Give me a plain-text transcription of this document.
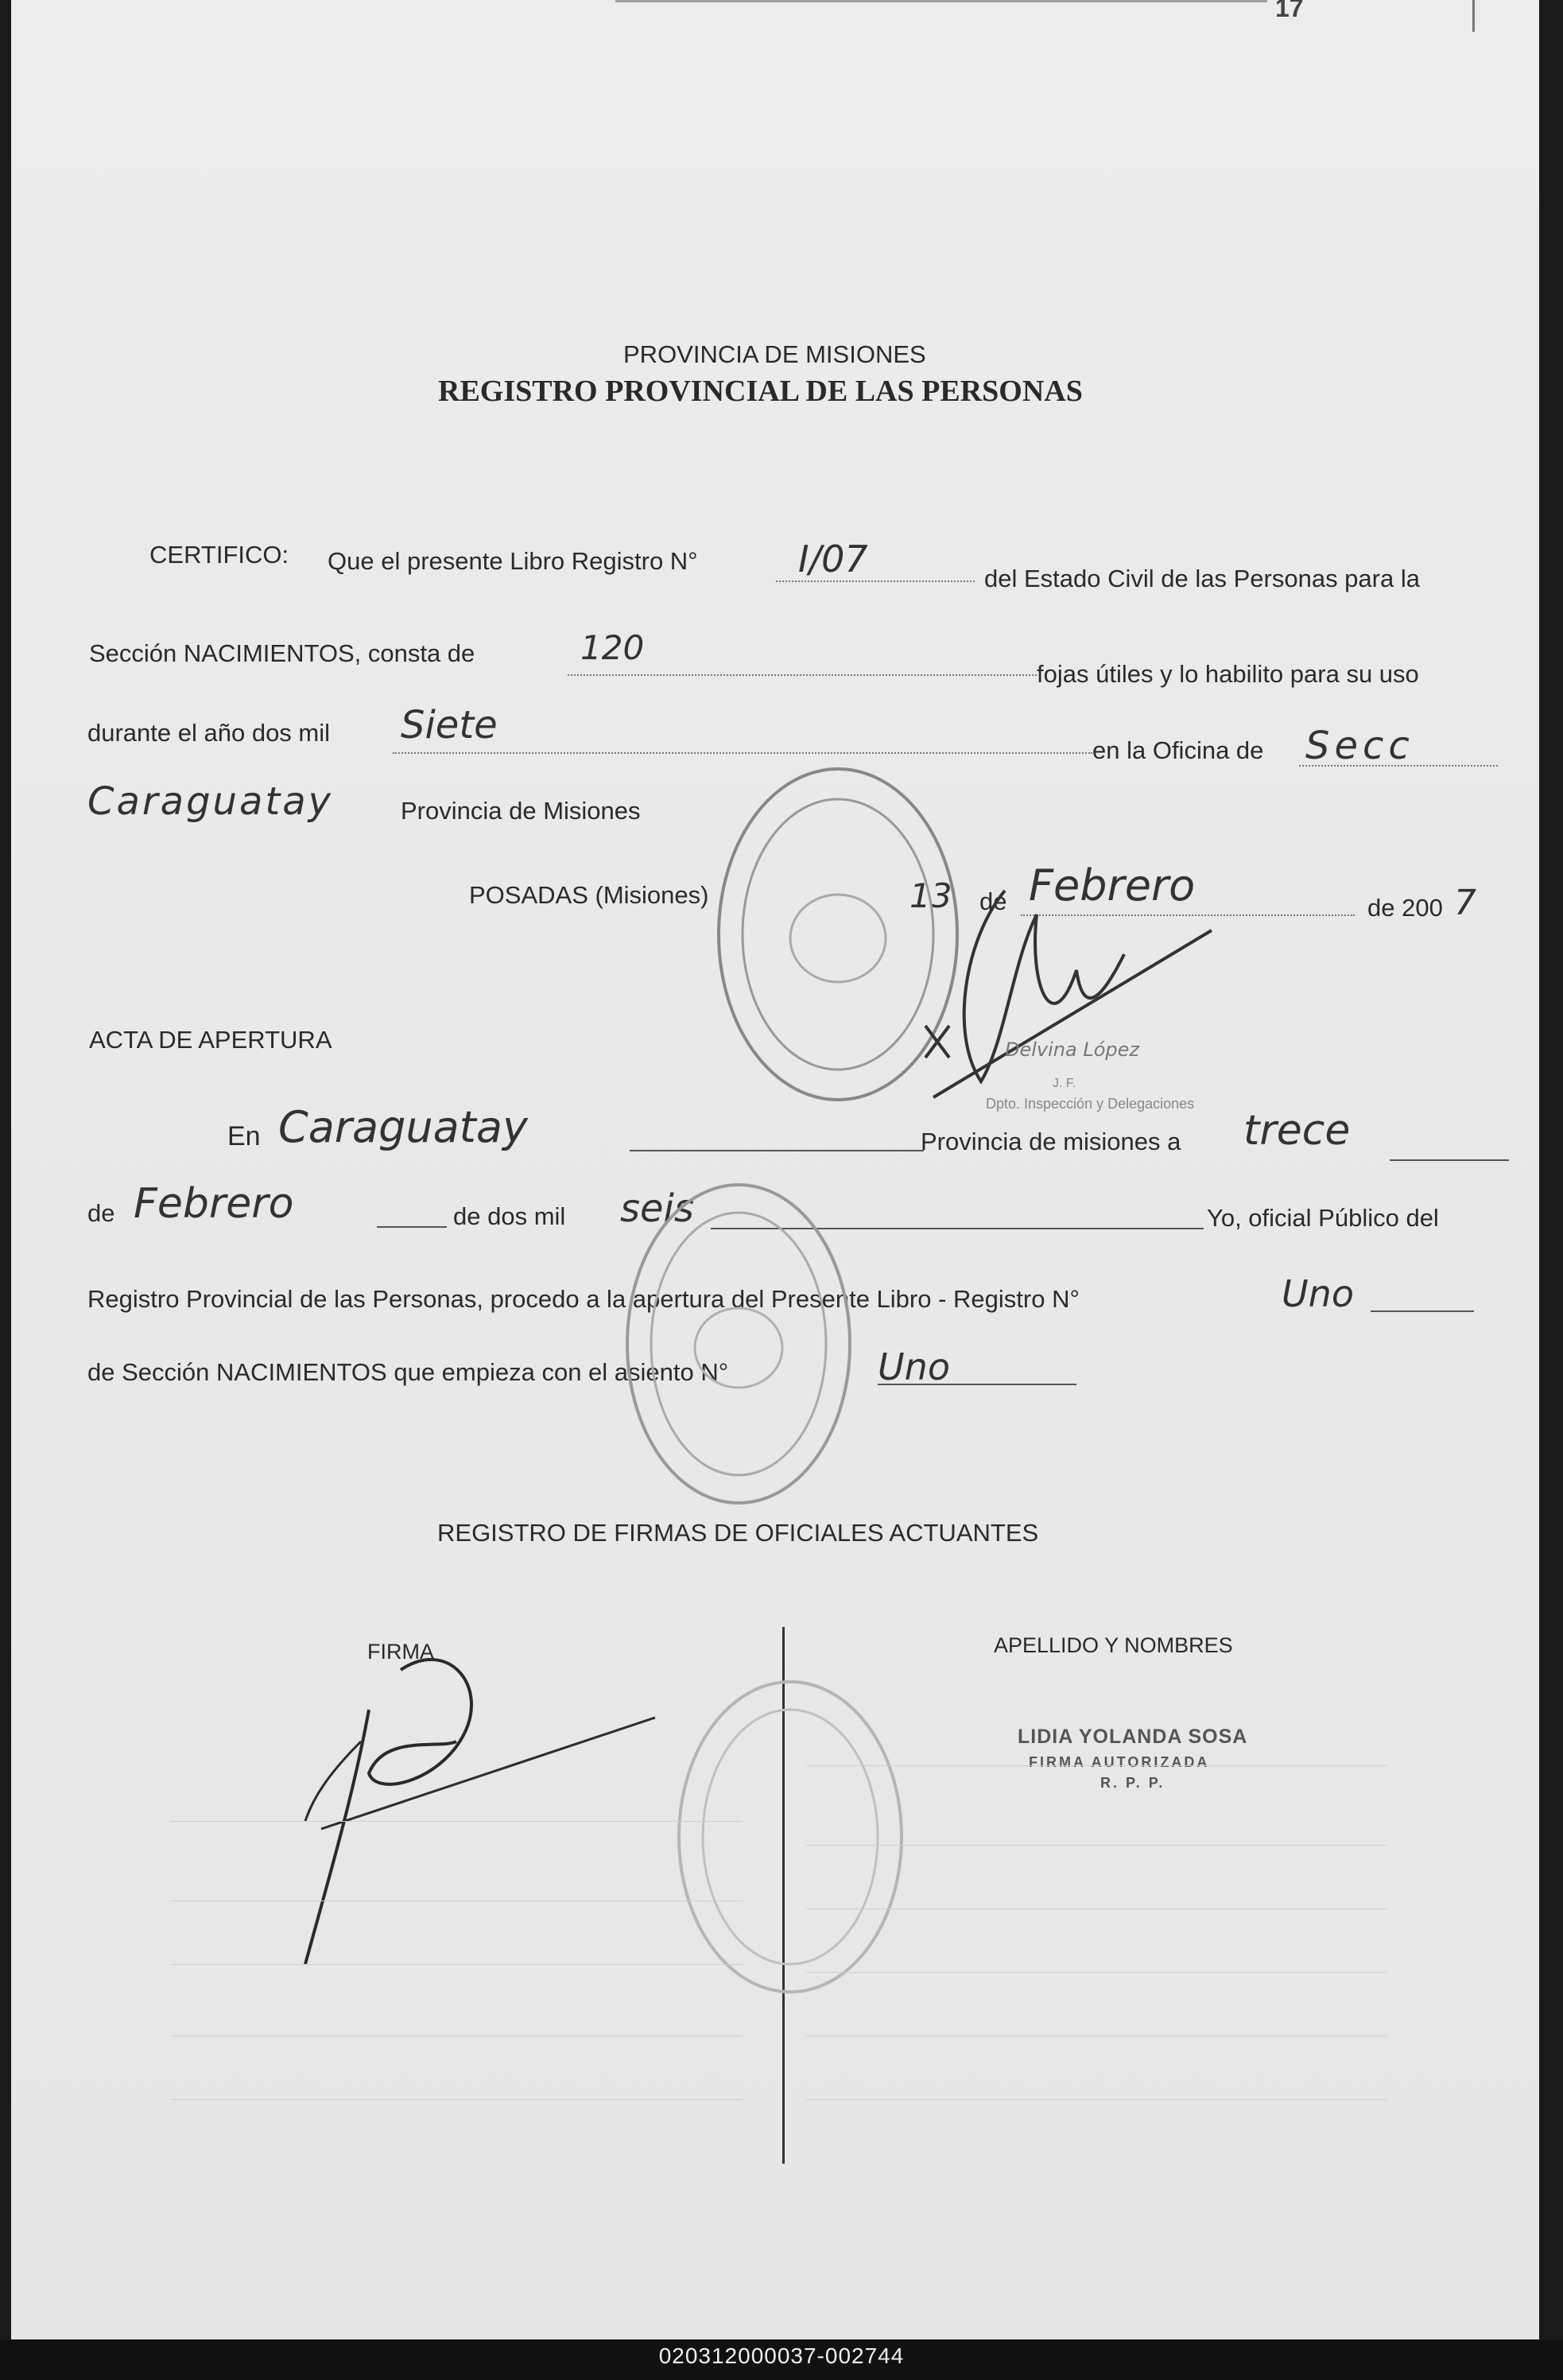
17
PROVINCIA DE MISIONES
REGISTRO PROVINCIAL DE LAS PERSONAS
CERTIFICO: Que el presente Libro Registro N°	I/07	del Estado Civil de las Personas para la
Sección NACIMIENTOS, consta de	120
fojas útiles y lo habilito para su uso
durante el año dos mil Siete
en la Oficina de Secc
Caraguatay	Provincia de Misiones
POSADAS (Misiones)	13 de Febrero	de 200 7
Delvina López
J. F.
Dpto. Inspección y Delegaciones
ACTA DE APERTURA
En Caraguatay	Provincia de misiones a trece
de Febrero	de dos mil seis	Yo, oficial Público del
Registro Provincial de las Personas, procedo a la apertura del Presente Libro - Registro N°	Uno
de Sección NACIMIENTOS que empieza con el asiento N°	Uno
REGISTRO DE FIRMAS DE OFICIALES ACTUANTES
FIRMA	APELLIDO Y NOMBRES
LIDIA YOLANDA SOSA
FIRMA AUTORIZADA
R. P. P.
020312000037-002744
